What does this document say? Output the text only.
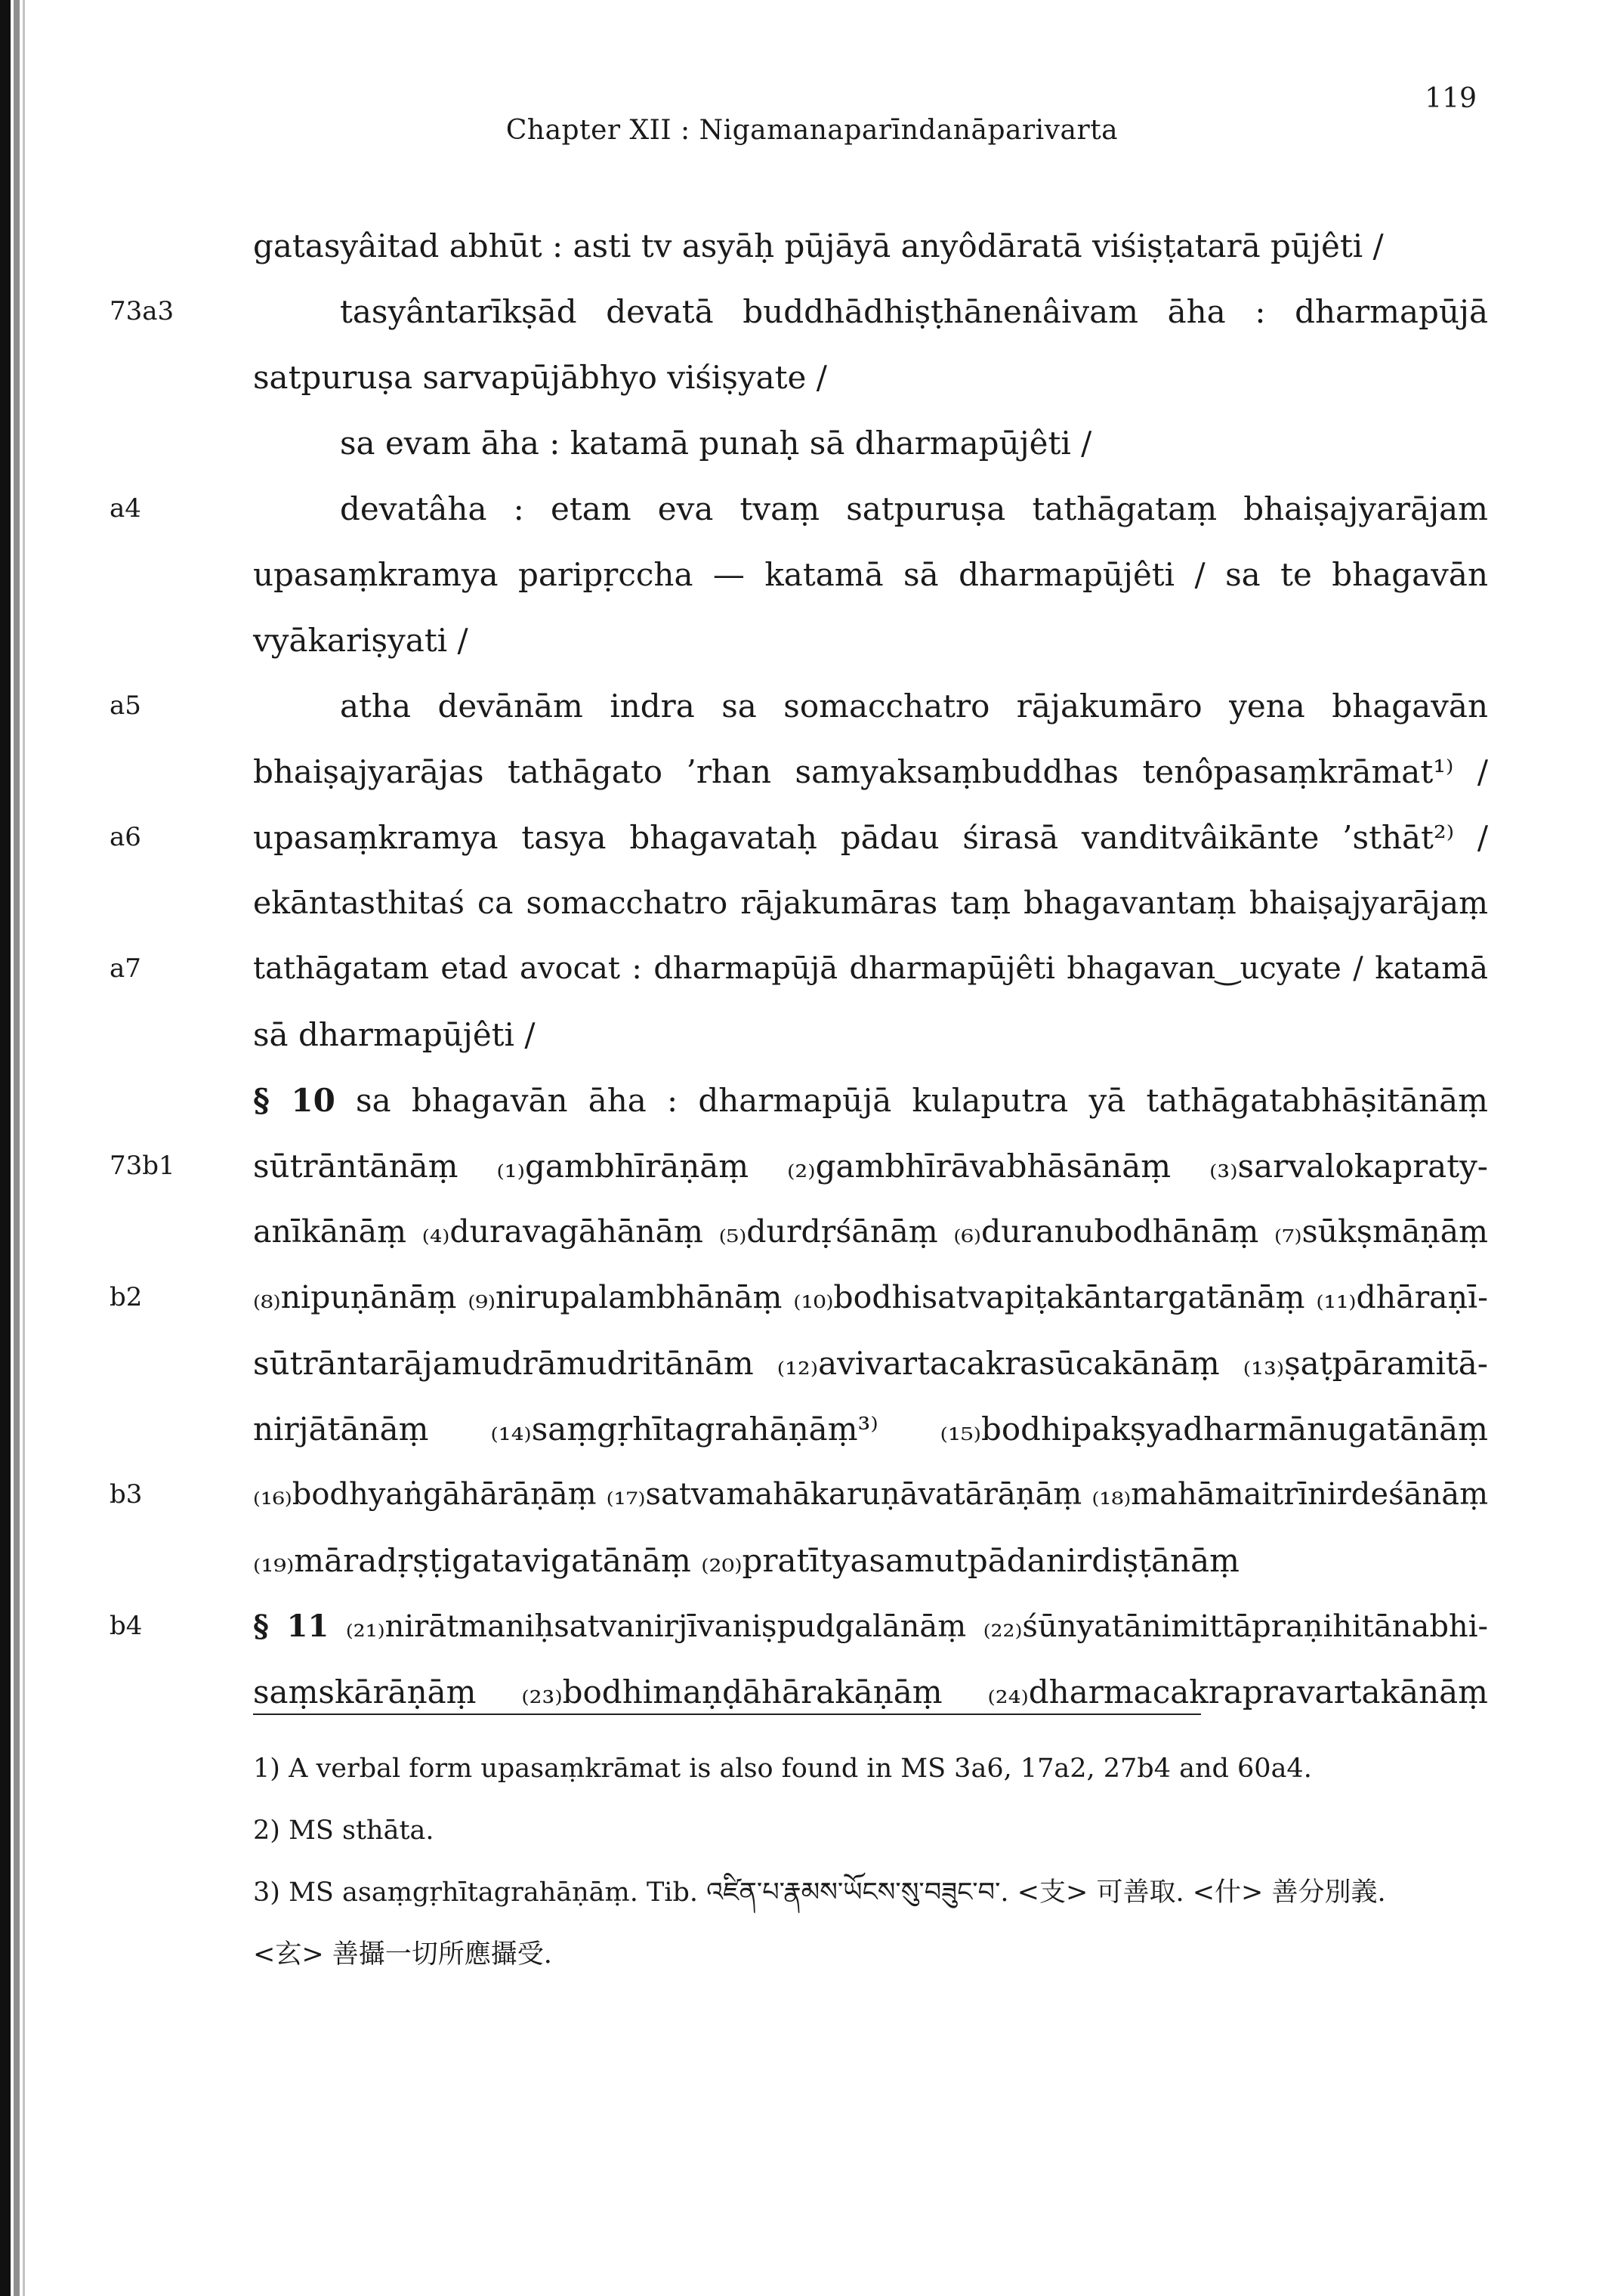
119
Chapter XII : Nigamanaparīndanāparivarta
gatasyâitad abhūt : asti tv asyāḥ pūjāyā anyôdāratā viśiṣṭatarā pūjêti /
73a3	tasyântarīkṣād devatā buddhādhiṣṭhānenâivam āha : dharmapūjā
satpuruṣa sarvapūjābhyo viśiṣyate /
sa evam āha : katamā punaḥ sā dharmapūjêti /
a4	devatâha : etam eva tvaṃ satpuruṣa tathāgataṃ bhaiṣajyarājam
upasaṃkramya paripṛccha — katamā sā dharmapūjêti / sa te bhagavān
vyākariṣyati /
a5	atha devānām indra sa somacchatro rājakumāro yena bhagavān
bhaiṣajyarājas tathāgato ’rhan samyaksaṃbuddhas tenôpasaṃkrāmat¹⁾ /
a6	upasaṃkramya tasya bhagavataḥ pādau śirasā vanditvâikānte ’sthāt²⁾ /
ekāntasthitaś ca somacchatro rājakumāras taṃ bhagavantaṃ bhaiṣajyarājaṃ
a7	tathāgatam etad avocat : dharmapūjā dharmapūjêti bhagavan‿ucyate / katamā
sā dharmapūjêti /
§ 10 sa bhagavān āha : dharmapūjā kulaputra yā tathāgatabhāṣitānāṃ
73b1	sūtrāntānāṃ ₍₁₎gambhīrāṇāṃ ₍₂₎gambhīrāvabhāsānāṃ ₍₃₎sarvalokapraty-
anīkānāṃ ₍₄₎duravagāhānāṃ ₍₅₎durdṛśānāṃ ₍₆₎duranubodhānāṃ ₍₇₎sūkṣmāṇāṃ
b2	₍₈₎nipuṇānāṃ ₍₉₎nirupalambhānāṃ ₍₁₀₎bodhisatvapiṭakāntargatānāṃ ₍₁₁₎dhāraṇī-
sūtrāntarājamudrāmudritānām ₍₁₂₎avivartacakrasūcakānāṃ ₍₁₃₎ṣaṭpāramitā-
nirjātānāṃ ₍₁₄₎saṃgṛhītagrahāṇāṃ³⁾ ₍₁₅₎bodhipakṣyadharmānugatānāṃ
b3	₍₁₆₎bodhyaṅgāhārāṇāṃ ₍₁₇₎satvamahākaruṇāvatārāṇāṃ ₍₁₈₎mahāmaitrīnirdeśānāṃ
₍₁₉₎māradṛṣṭigatavigatānāṃ ₍₂₀₎pratītyasamutpādanirdiṣṭānāṃ
b4	§ 11 ₍₂₁₎nirātmaniḥsatvanirjīvaniṣpudgalānāṃ ₍₂₂₎śūnyatānimittāpraṇihitānabhi-
saṃskārāṇāṃ ₍₂₃₎bodhimaṇḍāhārakāṇāṃ ₍₂₄₎dharmacakrapravartakānāṃ
1) A verbal form upasaṃkrāmat is also found in MS 3a6, 17a2, 27b4 and 60a4.
2) MS sthāta.
3) MS asaṃgṛhītagrahāṇāṃ. Tib. འཛིན་པ་རྣམས་ཡོངས་སུ་བཟུང་བ་. <支> 可善取. <什> 善分別義.
<玄> 善攝一切所應攝受.
